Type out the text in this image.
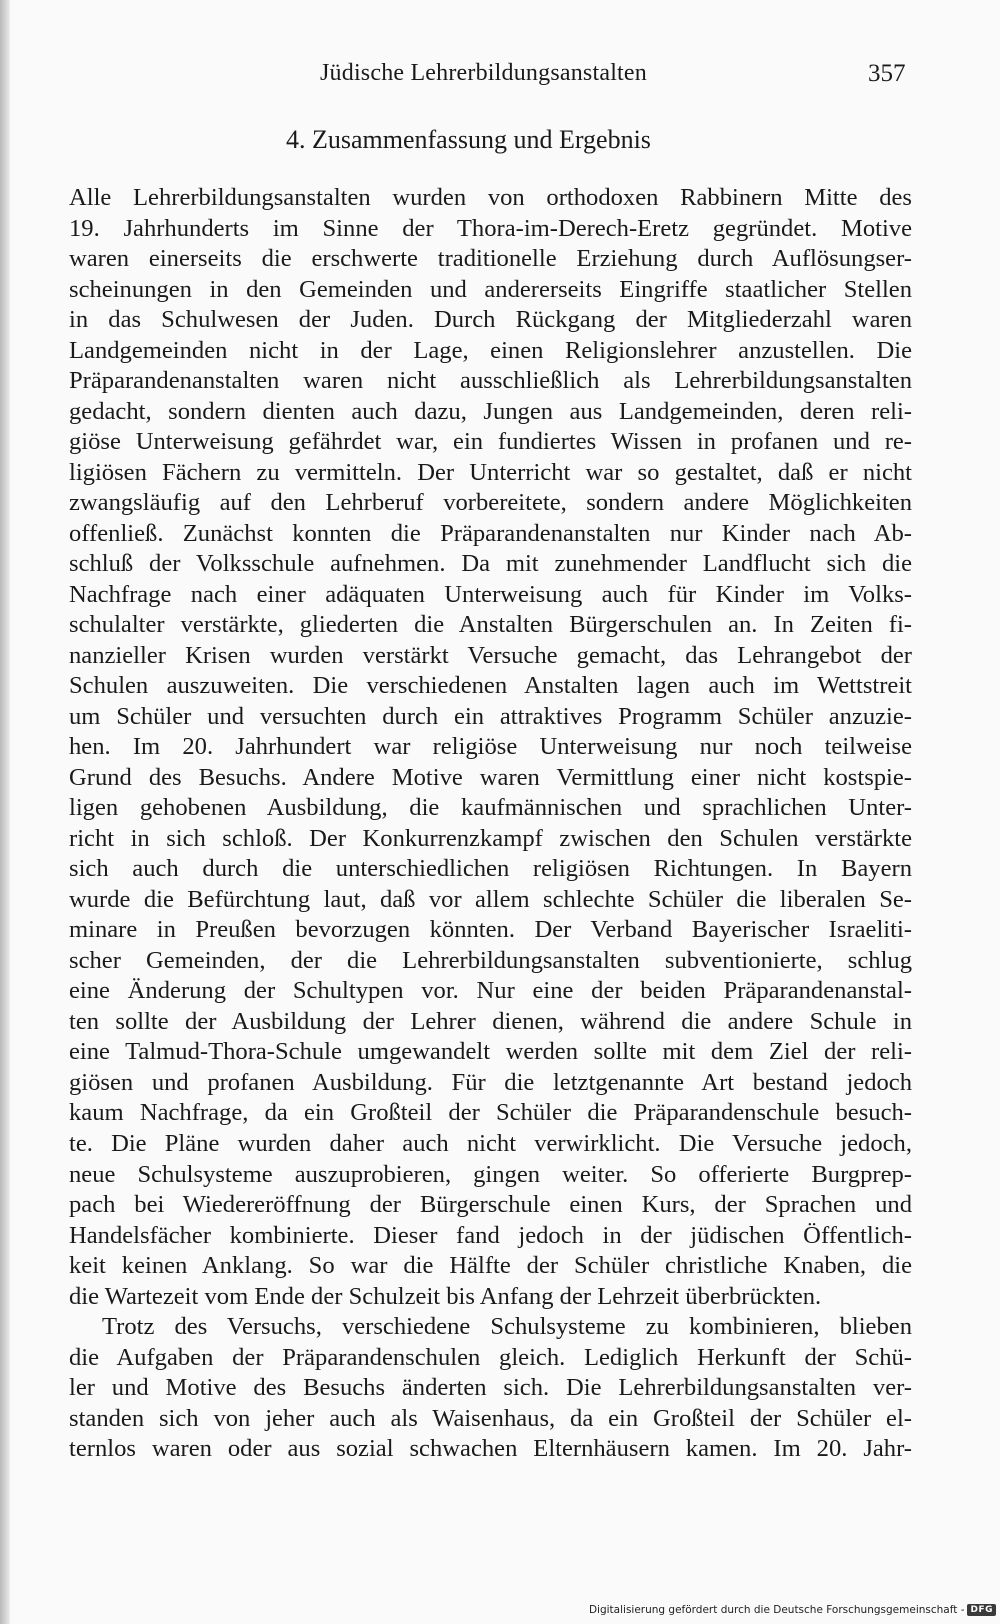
Jüdische Lehrerbildungsanstalten	357
4. Zusammenfassung und Ergebnis
Alle Lehrerbildungsanstalten wurden von orthodoxen Rabbinern Mitte des
19. Jahrhunderts im Sinne der Thora-im-Derech-Eretz gegründet. Motive
waren einerseits die erschwerte traditionelle Erziehung durch Auflösungser-
scheinungen in den Gemeinden und andererseits Eingriffe staatlicher Stellen
in das Schulwesen der Juden. Durch Rückgang der Mitgliederzahl waren
Landgemeinden nicht in der Lage, einen Religionslehrer anzustellen. Die
Präparandenanstalten waren nicht ausschließlich als Lehrerbildungsanstalten
gedacht, sondern dienten auch dazu, Jungen aus Landgemeinden, deren reli-
giöse Unterweisung gefährdet war, ein fundiertes Wissen in profanen und re-
ligiösen Fächern zu vermitteln. Der Unterricht war so gestaltet, daß er nicht
zwangsläufig auf den Lehrberuf vorbereitete, sondern andere Möglichkeiten
offenließ. Zunächst konnten die Präparandenanstalten nur Kinder nach Ab-
schluß der Volksschule aufnehmen. Da mit zunehmender Landflucht sich die
Nachfrage nach einer adäquaten Unterweisung auch für Kinder im Volks-
schulalter verstärkte, gliederten die Anstalten Bürgerschulen an. In Zeiten fi-
nanzieller Krisen wurden verstärkt Versuche gemacht, das Lehrangebot der
Schulen auszuweiten. Die verschiedenen Anstalten lagen auch im Wettstreit
um Schüler und versuchten durch ein attraktives Programm Schüler anzuzie-
hen. Im 20. Jahrhundert war religiöse Unterweisung nur noch teilweise
Grund des Besuchs. Andere Motive waren Vermittlung einer nicht kostspie-
ligen gehobenen Ausbildung, die kaufmännischen und sprachlichen Unter-
richt in sich schloß. Der Konkurrenzkampf zwischen den Schulen verstärkte
sich auch durch die unterschiedlichen religiösen Richtungen. In Bayern
wurde die Befürchtung laut, daß vor allem schlechte Schüler die liberalen Se-
minare in Preußen bevorzugen könnten. Der Verband Bayerischer Israeliti-
scher Gemeinden, der die Lehrerbildungsanstalten subventionierte, schlug
eine Änderung der Schultypen vor. Nur eine der beiden Präparandenanstal-
ten sollte der Ausbildung der Lehrer dienen, während die andere Schule in
eine Talmud-Thora-Schule umgewandelt werden sollte mit dem Ziel der reli-
giösen und profanen Ausbildung. Für die letztgenannte Art bestand jedoch
kaum Nachfrage, da ein Großteil der Schüler die Präparandenschule besuch-
te. Die Pläne wurden daher auch nicht verwirklicht. Die Versuche jedoch,
neue Schulsysteme auszuprobieren, gingen weiter. So offerierte Burgprep-
pach bei Wiedereröffnung der Bürgerschule einen Kurs, der Sprachen und
Handelsfächer kombinierte. Dieser fand jedoch in der jüdischen Öffentlich-
keit keinen Anklang. So war die Hälfte der Schüler christliche Knaben, die
die Wartezeit vom Ende der Schulzeit bis Anfang der Lehrzeit überbrückten.
Trotz des Versuchs, verschiedene Schulsysteme zu kombinieren, blieben
die Aufgaben der Präparandenschulen gleich. Lediglich Herkunft der Schü-
ler und Motive des Besuchs änderten sich. Die Lehrerbildungsanstalten ver-
standen sich von jeher auch als Waisenhaus, da ein Großteil der Schüler el-
ternlos waren oder aus sozial schwachen Elternhäusern kamen. Im 20. Jahr-
Digitalisierung gefördert durch die Deutsche Forschungsgemeinschaft - DFG
